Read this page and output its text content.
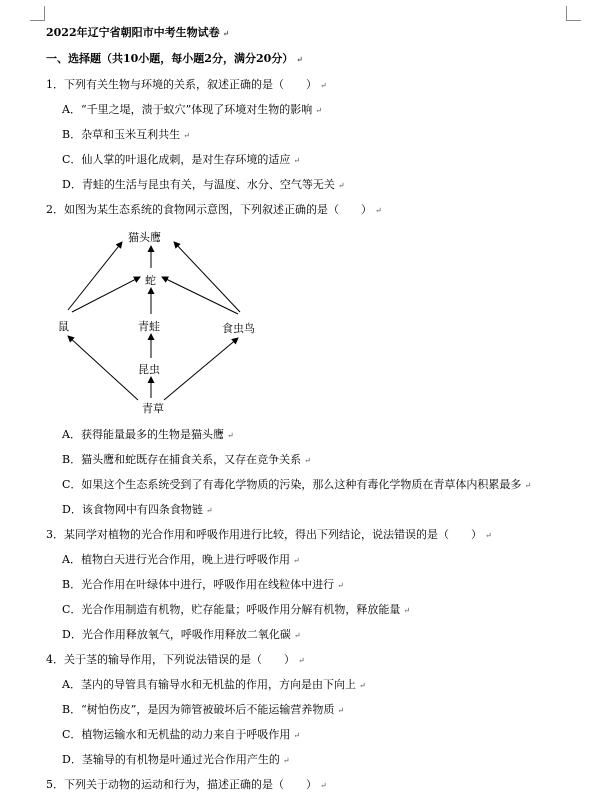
2022年辽宁省朝阳市中考生物试卷 ↵
一、选择题（共10小题，每小题2分，满分20分） ↵
1．下列有关生物与环境的关系，叙述正确的是（　　） ↵
A．“千里之堤，溃于蚁穴”体现了环境对生物的影响 ↵
B．杂草和玉米互利共生 ↵
C．仙人掌的叶退化成刺，是对生存环境的适应 ↵
D．青蛙的生活与昆虫有关，与温度、水分、空气等无关 ↵
2．如图为某生态系统的食物网示意图，下列叙述正确的是（　　） ↵
猫头鹰
蛇
鼠	青蛙	食虫鸟
昆虫
青草
A．获得能量最多的生物是猫头鹰 ↵
B．猫头鹰和蛇既存在捕食关系，又存在竞争关系 ↵
C．如果这个生态系统受到了有毒化学物质的污染，那么这种有毒化学物质在青草体内积累最多 ↵
D．该食物网中有四条食物链 ↵
3．某同学对植物的光合作用和呼吸作用进行比较，得出下列结论，说法错误的是（　　） ↵
A．植物白天进行光合作用，晚上进行呼吸作用 ↵
B．光合作用在叶绿体中进行，呼吸作用在线粒体中进行 ↵
C．光合作用制造有机物，贮存能量；呼吸作用分解有机物，释放能量 ↵
D．光合作用释放氧气，呼吸作用释放二氧化碳 ↵
4．关于茎的输导作用，下列说法错误的是（　　） ↵
A．茎内的导管具有输导水和无机盐的作用，方向是由下向上 ↵
B．“树怕伤皮”，是因为筛管被破坏后不能运输营养物质 ↵
C．植物运输水和无机盐的动力来自于呼吸作用 ↵
D．茎输导的有机物是叶通过光合作用产生的 ↵
5．下列关于动物的运动和行为，描述正确的是（　　） ↵
